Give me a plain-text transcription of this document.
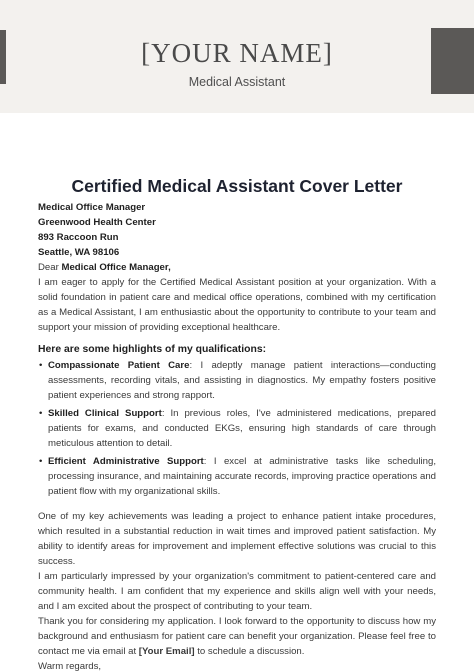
[YOUR NAME]
Medical Assistant
Certified Medical Assistant Cover Letter
Medical Office Manager
Greenwood Health Center
893 Raccoon Run
Seattle, WA 98106
Dear Medical Office Manager,

I am eager to apply for the Certified Medical Assistant position at your organization. With a solid foundation in patient care and medical office operations, combined with my certification as a Medical Assistant, I am enthusiastic about the opportunity to contribute to your team and support your mission of providing exceptional healthcare.

Here are some highlights of my qualifications:
• Compassionate Patient Care: I adeptly manage patient interactions—conducting assessments, recording vitals, and assisting in diagnostics. My empathy fosters positive patient experiences and strong rapport.
• Skilled Clinical Support: In previous roles, I've administered medications, prepared patients for exams, and conducted EKGs, ensuring high standards of care through meticulous attention to detail.
• Efficient Administrative Support: I excel at administrative tasks like scheduling, processing insurance, and maintaining accurate records, improving practice operations and patient flow with my organizational skills.

One of my key achievements was leading a project to enhance patient intake procedures, which resulted in a substantial reduction in wait times and improved patient satisfaction. My ability to identify areas for improvement and implement effective solutions was crucial to this success.

I am particularly impressed by your organization's commitment to patient-centered care and community health. I am confident that my experience and skills align well with your needs, and I am excited about the prospect of contributing to your team.

Thank you for considering my application. I look forward to the opportunity to discuss how my background and enthusiasm for patient care can benefit your organization. Please feel free to contact me via email at [Your Email] to schedule a discussion.

Warm regards,
